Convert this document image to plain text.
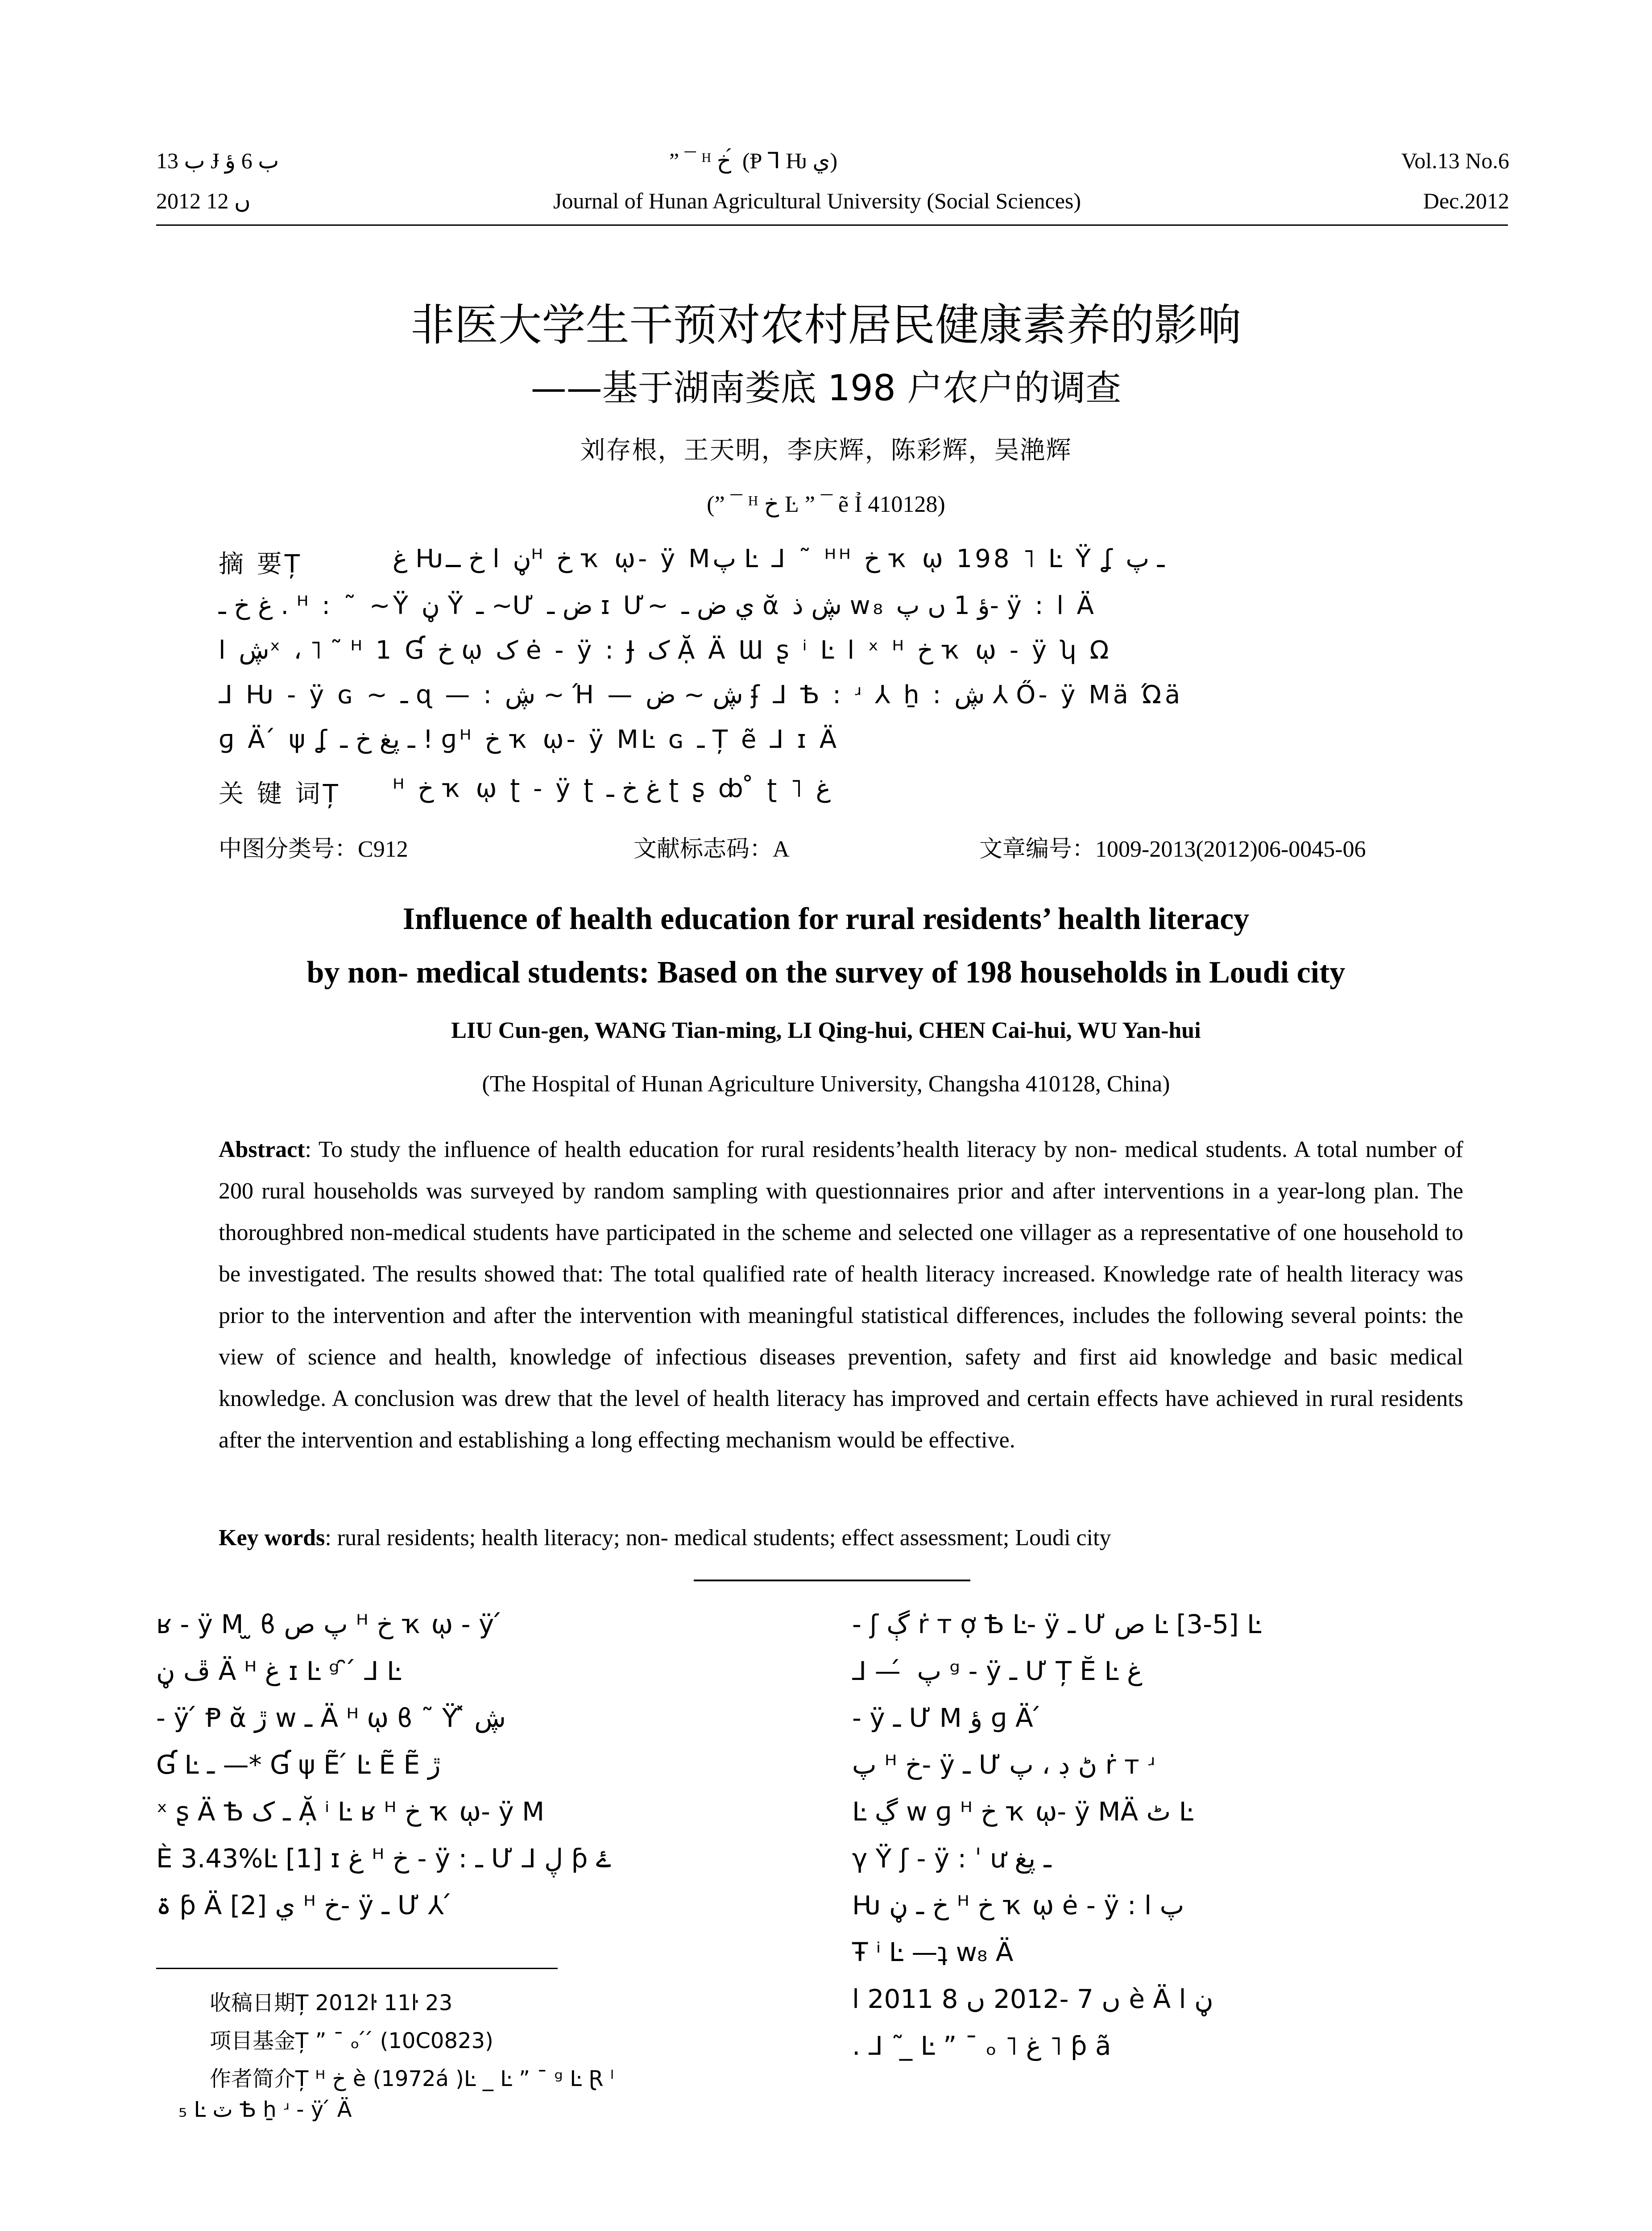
ب 13 Ɉ ب 6 ؤ
2012 ں 12
” ¯ ᴴ خ ́ (Ᵽ ⅂ Ƕ ي)
Journal of Hunan Agricultural University (Social Sciences)
Vol.13 No.6
Dec.2012
非医大学生干预对农村居民健康素养的影响
——基于湖南娄底 198 户农户的调查
刘存根，王天明，李庆辉，陈彩辉，吴滟辉
(” ¯ ᴴ خ Ŀ ” ¯ ẽ Ỉ 410128)
摘 要Ț	غ Ƕخ ــ l ڼᴴ خ ҡ ῳ- ÿ Mپ Ŀ ⅃ ˜ ᴴᴴ خ ҡ ῳ 198 ˥ Ŀ Ÿ ʆ ـ پ
غ خ ـ . ᴴ : ˜ ~Ÿ ڼ Ÿ ـ ~Ư ض ـ ɪ Ư~ ي ض ـ ᾰ ڜ ذ w₈ ؤ 1 ں پ- ÿ : l Ä
l ڜˣ ، ˥ ˜ ᴴ 1 Ɠ خ ῳ ک ė - ÿ : Ɉ ک Ặ Ä Ɯ ʂ ⁱ Ŀ l ˣ ᴴ خ ҡ ῳ - ÿ ʮ Ω
⅃ Ƕ - ÿ ɢ ~ ـ ɋ — : ڜ ~ Ή — ڜ ~ ض ʄ ⅃ Ѣ : ʴ ⅄ ẖ : ڜ ⅄ Ő- ÿ Mä Ώä
ɡ Ä ́ ψ ʆ ـ پغ خ ـ ! ɡᴴ خ ҡ ῳ- ÿ MĿ ɢ ـ Ț ẽ ⅃ ɪ Ä
关 键 词Ț ᴴ خ ҡ ῳ ʈ - ÿ ʈ غ خ ـ ʈ ʂ ȸ ̊ ʈ ˥ غ
中图分类号：C912	文献标志码：A	文章编号：1009-2013(2012)06-0045-06
Influence of health education for rural residents’ health literacy
by non- medical students: Based on the survey of 198 households in Loudi city
LIU Cun-gen, WANG Tian-ming, LI Qing-hui, CHEN Cai-hui, WU Yan-hui
(The Hospital of Hunan Agriculture University, Changsha 410128, China)
Abstract: To study the influence of health education for rural residents’health literacy by non- medical students. A total number of 200 rural households was surveyed by random sampling with questionnaires prior and after interventions in a year-long plan. The thoroughbred non-medical students have participated in the scheme and selected one villager as a representative of one household to be investigated. The results showed that: The total qualified rate of health literacy increased. Knowledge rate of health literacy was prior to the intervention and after the intervention with meaningful statistical differences, includes the following several points: the view of science and health, knowledge of infectious diseases prevention, safety and first aid knowledge and basic medical knowledge. A conclusion was drew that the level of health literacy has improved and certain effects have achieved in rural residents after the intervention and establishing a long effecting mechanism would be effective.
Key words: rural residents; health literacy; non- medical students; effect assessment; Loudi city
ʁ - ÿ M ̫ ϐ پ ص ᴴ خ ҡ ῳ - ÿ ́
ڦ ڼ Ä ᴴ غ ɪ Ŀ ᵍ ̑ ́ ⅃ Ŀ
- ÿ ́ Ᵽ ᾰ ڙ w ـ Ä ᴴ ῳ ϐ ˜ Ÿ ̽ ڜ
Ɠ Ŀ ـ —* Ɠ ψ Ẽ ́ Ŀ Ẽ Ẽ ڙ
ˣ ʂ Ä Ѣ ـ ک Ặ ⁱ Ŀ ʁ ᴴ خ ҡ ῳ- ÿ M
È 3.43%Ŀ [1] ɪ غ ᴴ خ - ÿ : ـ Ư ⅃ ڸ ƥ ۓ
ۃ ƥ Ä [2] ي ᴴ خ- ÿ ـ Ư ⅄ ́
收稿日期Ț 2012ŀ 11ŀ 23
项目基金Ț ” ¯ ₒ ́ ́ (10C0823)
作者简介Ț ᴴ خ è (1972á )Ŀ _ Ŀ ” ¯ ᵍ Ŀ Ɽ ˡ
₅ Ŀ ٽ Ѣ ẖ ʴ - ÿ ́ Ä
- ʃ ڳ ṙ ᴛ ợ Ѣ Ŀ- ÿ ـ Ư ص Ŀ [3-5] Ŀ
⅃ — ́ پ ᵍ - ÿ ـ Ư Ț Ĕ Ŀ غ
- ÿ ـ Ư M ؤ ɡ Ä ́
پ ᴴ خ- ÿ ـ Ư ڻ ڊ ، پ ṙ ᴛ ʴ
Ŀ ڲ w ɡ ᴴ خ ҡ ῳ- ÿ MÄ ٹ Ŀ
γ Ÿ ʃ - ÿ : ˈ ư ـ پغ
Ƕ خ ـ ڼ ᴴ خ ҡ ῳ ė - ÿ : l پ
Ŧ ⁱ Ŀ —ʇ w₈ Ä
l 2011 ں 7 -2012 ں 8 è Ä l ڼ
. ⅃ ˜ ̲ Ŀ ” ¯ ₒ ˥ غ ˥ ƥ ã
